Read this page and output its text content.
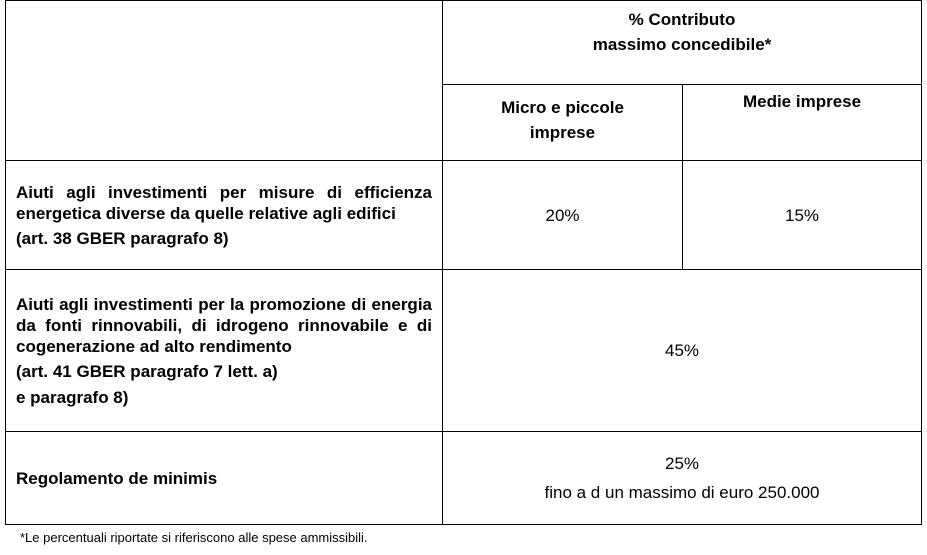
	% Contributo
massimo concedibile*	

	Micro e piccole
imprese	Medie imprese

Aiuti agli investimenti per misure di efficienza energetica diverse da quelle relative agli edifici
(art. 38 GBER paragrafo 8)	20%	15%

Aiuti agli investimenti per la promozione di energia da fonti rinnovabili, di idrogeno rinnovabile e di cogenerazione ad alto rendimento
(art. 41 GBER paragrafo 7 lett. a)
e paragrafo 8)	45%	
Regolamento de minimis	25%
fino a d un massimo di euro 250.000	
*Le percentuali riportate si riferiscono alle spese ammissibili.
